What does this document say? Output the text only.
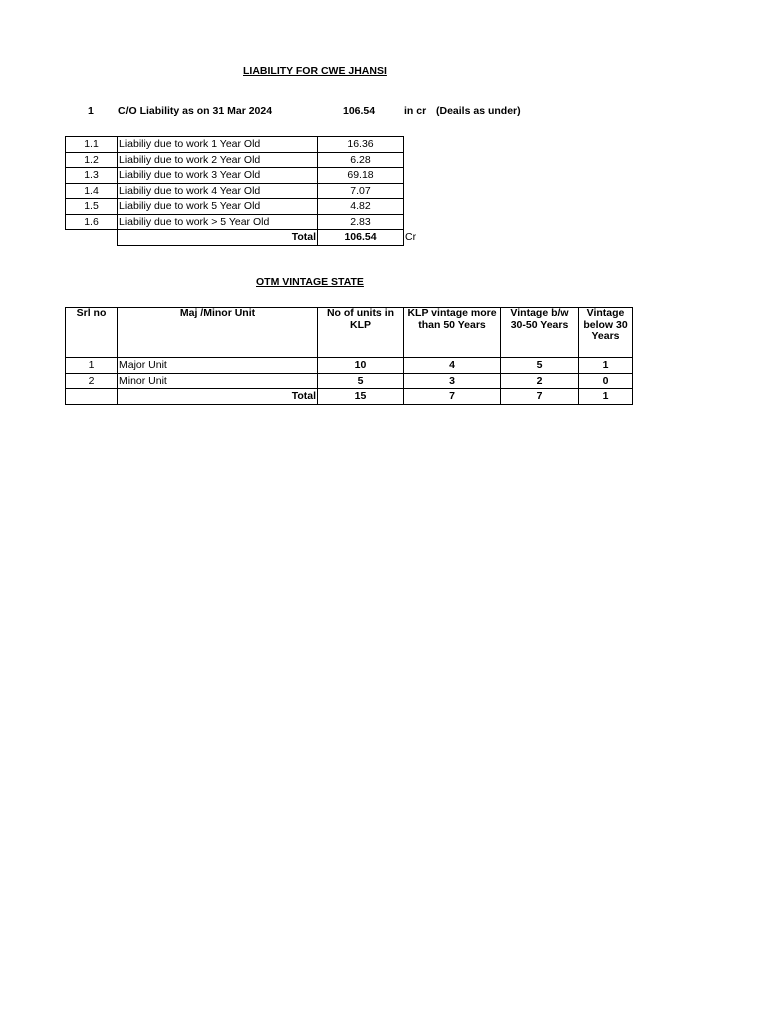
LIABILITY FOR CWE JHANSI
1 C/O Liability as on 31 Mar 2024	106.54	in cr (Deails as under)
1.1	Liabiliy due to work 1 Year Old	16.36	
1.2	Liabiliy due to work 2 Year Old	6.28	
1.3	Liabiliy due to work 3 Year Old	69.18	
1.4	Liabiliy due to work 4 Year Old	7.07	
1.5	Liabiliy due to work 5 Year Old	4.82	
1.6	Liabiliy due to work > 5 Year Old	2.83	
	Total	106.54	Cr
OTM VINTAGE STATE
Srl no	Maj /Minor Unit	No of units in KLP	KLP vintage more than 50 Years	Vintage b/w 30-50 Years	Vintage below 30 Years
1	Major Unit	10	4	5	1
2	Minor Unit	5	3	2	0
	Total	15	7	7	1
